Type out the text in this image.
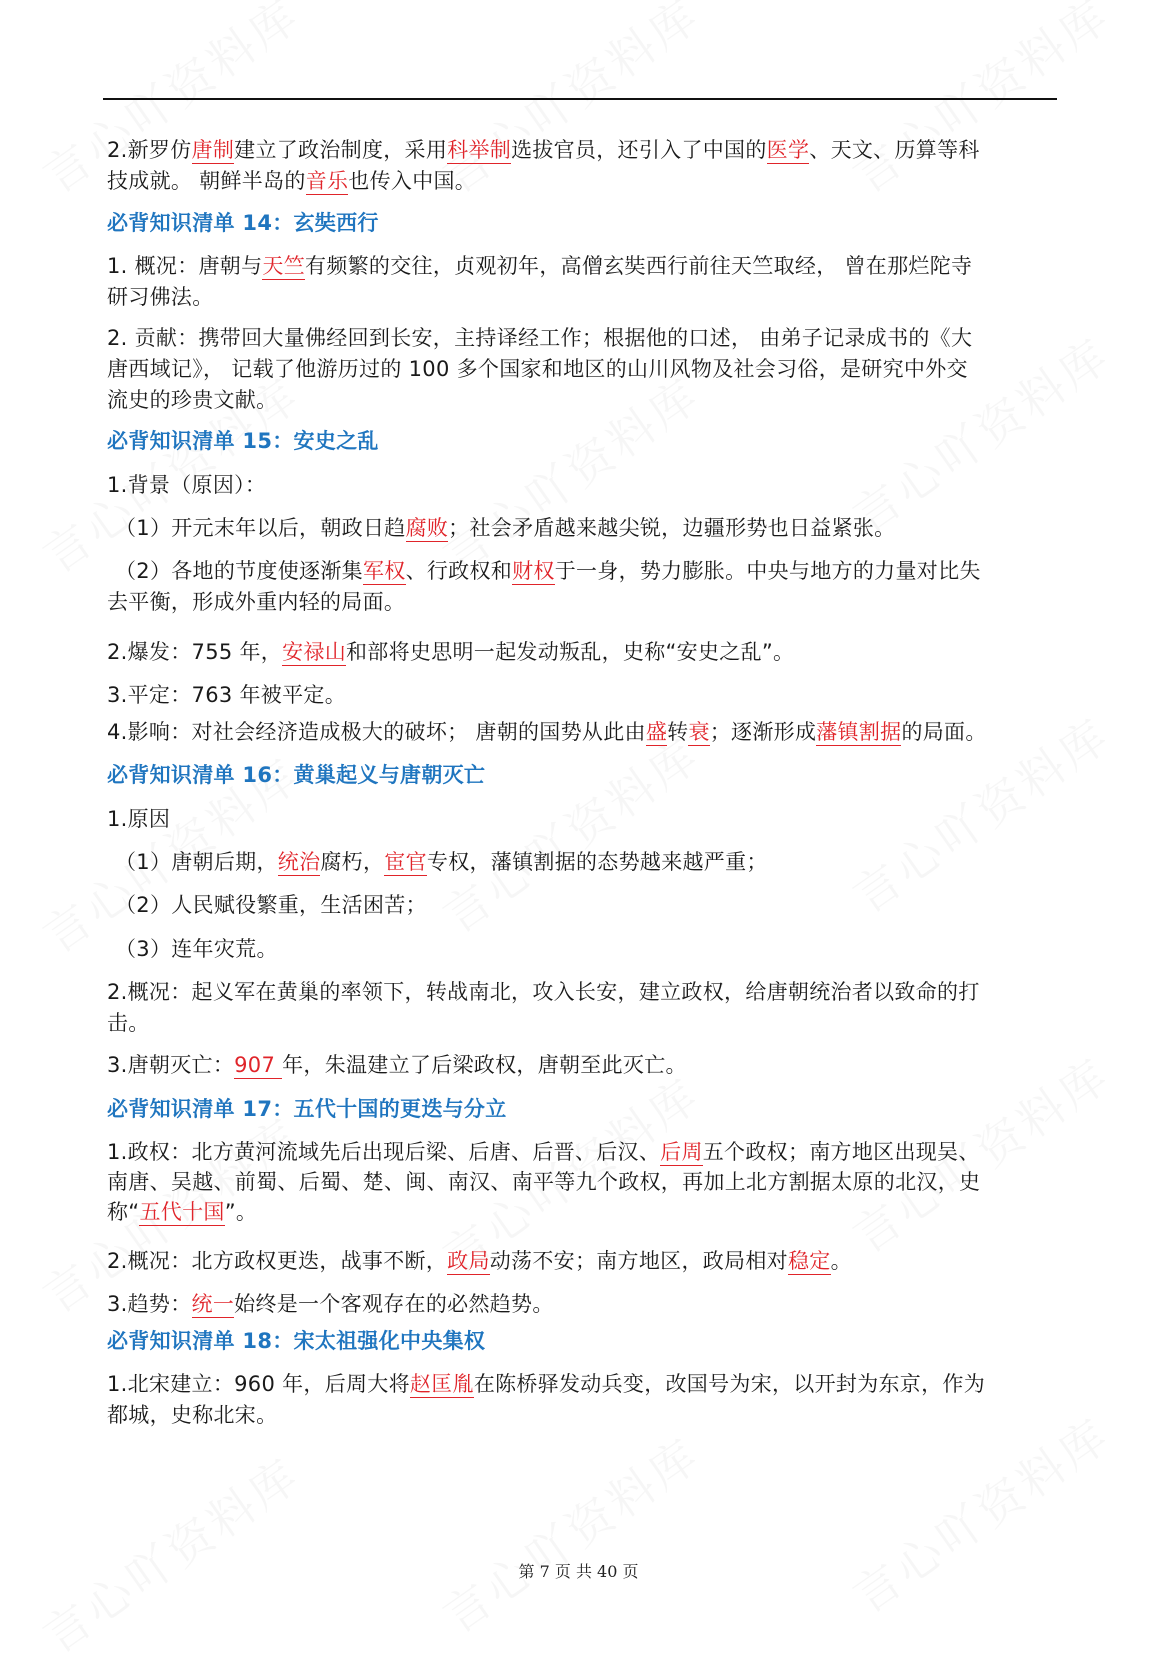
2.新罗仿唐制建立了政治制度，采用科举制选拔官员，还引入了中国的医学、天文、历算等科
技成就。 朝鲜半岛的音乐也传入中国。
必背知识清单 14：玄奘西行
1. 概况：唐朝与天竺有频繁的交往，贞观初年，高僧玄奘西行前往天竺取经， 曾在那烂陀寺
研习佛法。
2. 贡献：携带回大量佛经回到长安，主持译经工作；根据他的口述， 由弟子记录成书的《大
唐西域记》， 记载了他游历过的 100 多个国家和地区的山川风物及社会习俗，是研究中外交
流史的珍贵文献。
必背知识清单 15：安史之乱
1.背景（原因）：
（1）开元末年以后，朝政日趋腐败；社会矛盾越来越尖锐，边疆形势也日益紧张。
（2）各地的节度使逐渐集军权、行政权和财权于一身，势力膨胀。中央与地方的力量对比失
去平衡，形成外重内轻的局面。
2.爆发：755 年，安禄山和部将史思明一起发动叛乱，史称“安史之乱”。
3.平定：763 年被平定。
4.影响：对社会经济造成极大的破坏； 唐朝的国势从此由盛转衰；逐渐形成藩镇割据的局面。
必背知识清单 16：黄巢起义与唐朝灭亡
1.原因
（1）唐朝后期，统治腐朽，宦官专权，藩镇割据的态势越来越严重；
（2）人民赋役繁重，生活困苦；
（3）连年灾荒。
2.概况：起义军在黄巢的率领下，转战南北，攻入长安，建立政权，给唐朝统治者以致命的打
击。
3.唐朝灭亡：907 年，朱温建立了后梁政权，唐朝至此灭亡。
必背知识清单 17：五代十国的更迭与分立
1.政权：北方黄河流域先后出现后梁、后唐、后晋、后汉、后周五个政权；南方地区出现吴、
南唐、吴越、前蜀、后蜀、楚、闽、南汉、南平等九个政权，再加上北方割据太原的北汉，史
称“五代十国”。
2.概况：北方政权更迭，战事不断，政局动荡不安；南方地区，政局相对稳定。
3.趋势：统一始终是一个客观存在的必然趋势。
必背知识清单 18：宋太祖强化中央集权
1.北宋建立：960 年，后周大将赵匡胤在陈桥驿发动兵变，改国号为宋，以开封为东京，作为
都城，史称北宋。
第 7 页 共 40 页
